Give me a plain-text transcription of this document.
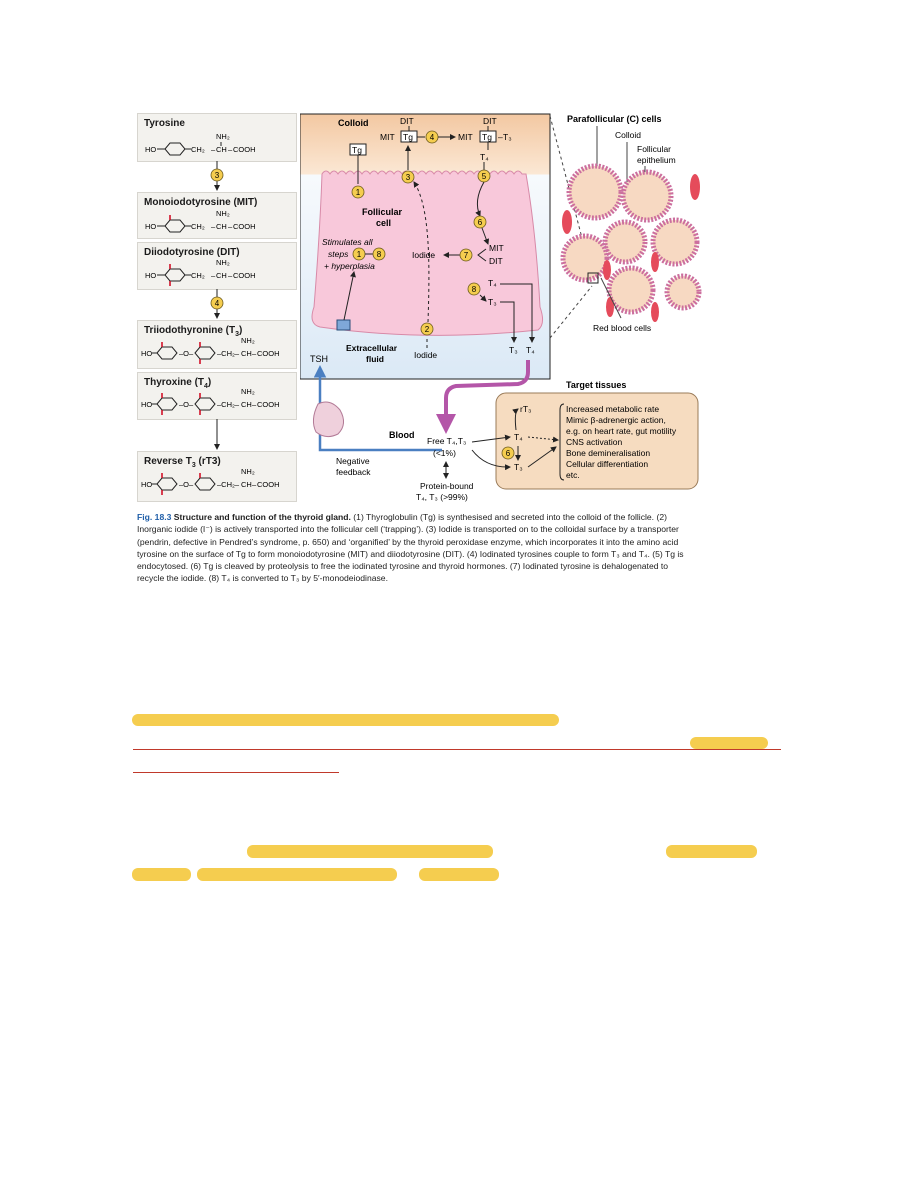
Tyrosine
Monoiodotyrosine (MIT)
Diiodotyrosine (DIT)
Triiodothyronine $(T_3)$
Thyroxine $(T_4)$
Reverse $T_3$ (rT3)
3
4
HO	CH₂ – CH
NH₂
– COOH
HO	CH₂ – CH
NH₂
– COOH
HO	CH₂ – CH
NH₂
– COOH
HO	–O–	–CH₂– CH
NH₂
– COOH
HO	–O–	–CH₂– CH
NH₂
– COOH
HO	–O–	–CH₂– CH
NH₂
– COOH
Colloid	DIT	DIT
MIT Tg 4	MIT Tg – T₃
T₄
Tg
1
3	5
6
Follicular
cell
Stimulates all
steps 1 8
+ hyperplasia
Iodide	7
MIT
DIT
T₄
8
T₃
T₃ T₄
2
Iodide
Extracellular
fluid
TSH
Negative
feedback
Blood
Free T₄,T₃
(<1%)
Protein-bound
T₄, T₃ (>99%)
Target tissues
rT₃
T₄
T₃
6
Increased metabolic rate
Mimic β-adrenergic action,
e.g. on heart rate, gut motility
CNS activation
Bone demineralisation
Cellular differentiation
etc.
Parafollicular (C) cells
Colloid
Follicular
epithelium
Red blood cells
Fig. 18.3 Structure and function of the thyroid gland. (1) Thyroglobulin (Tg) is synthesised and secreted into the colloid of the follicle. (2) Inorganic iodide (I⁻) is actively transported into the follicular cell (‘trapping’). (3) Iodide is transported on to the colloidal surface by a transporter (pendrin, defective in Pendred’s syndrome, p. 650) and ‘organified’ by the thyroid peroxidase enzyme, which incorporates it into the amino acid tyrosine on the surface of Tg to form monoiodotyrosine (MIT) and diiodotyrosine (DIT). (4) Iodinated tyrosines couple to form T₃ and T₄. (5) Tg is endocytosed. (6) Tg is cleaved by proteolysis to free the iodinated tyrosine and thyroid hormones. (7) Iodinated tyrosine is dehalogenated to recycle the iodide. (8) T₄ is converted to T₃ by 5′-monodeiodinase.
